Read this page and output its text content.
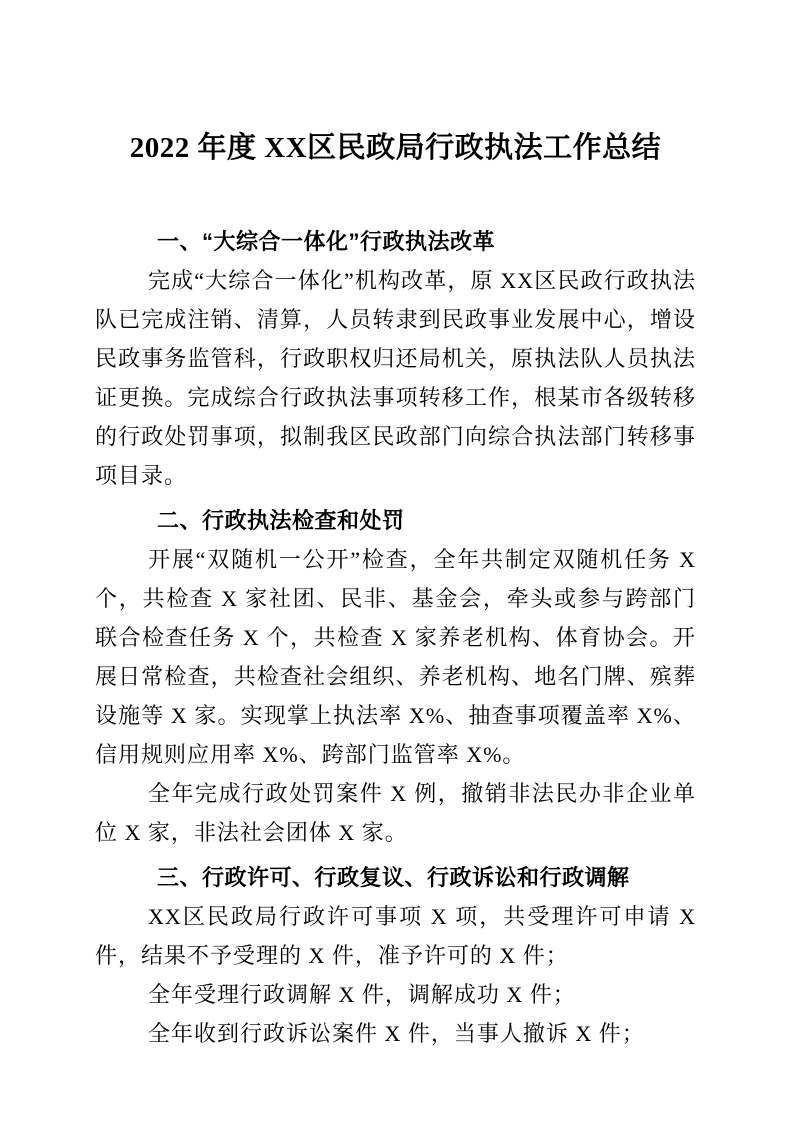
2022 年度 XX区民政局行政执法工作总结
一、“大综合一体化”行政执法改革

完成“大综合一体化”机构改革，原 XX区民政行政执法队已完成注销、清算，人员转隶到民政事业发展中心，增设民政事务监管科，行政职权归还局机关，原执法队人员执法证更换。完成综合行政执法事项转移工作，根某市各级转移的行政处罚事项，拟制我区民政部门向综合执法部门转移事项目录。

二、行政执法检查和处罚

开展“双随机一公开”检查，全年共制定双随机任务 X 个，共检查 X 家社团、民非、基金会，牵头或参与跨部门联合检查任务 X 个，共检查 X 家养老机构、体育协会。开展日常检查，共检查社会组织、养老机构、地名门牌、殡葬设施等 X 家。实现掌上执法率 X%、抽查事项覆盖率 X%、信用规则应用率 X%、跨部门监管率 X%。

全年完成行政处罚案件 X 例，撤销非法民办非企业单位 X 家，非法社会团体 X 家。

三、行政许可、行政复议、行政诉讼和行政调解

XX区民政局行政许可事项 X 项，共受理许可申请 X 件，结果不予受理的 X 件，准予许可的 X 件；

全年受理行政调解 X 件，调解成功 X 件；

全年收到行政诉讼案件 X 件，当事人撤诉 X 件；
